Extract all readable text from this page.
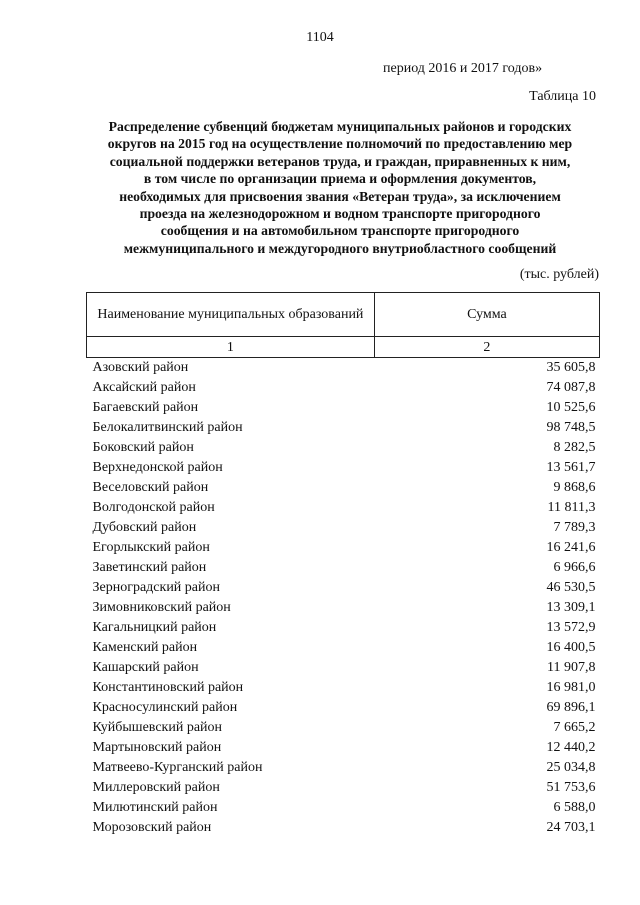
1104
период 2016 и 2017 годов»
Таблица 10
Распределение субвенций бюджетам муниципальных районов и городских
округов на 2015 год на осуществление полномочий по предоставлению мер
социальной поддержки ветеранов труда, и граждан, приравненных к ним,
в том числе по организации приема и оформления документов,
необходимых для присвоения звания «Ветеран труда», за исключением
проезда на железнодорожном и водном транспорте пригородного
сообщения и на автомобильном транспорте пригородного
межмуниципального и междугородного внутриобластного сообщений
(тыс. рублей)
Наименование муниципальных образований	Сумма
1	2
Азовский район	35 605,8
Аксайский район	74 087,8
Багаевский район	10 525,6
Белокалитвинский район	98 748,5
Боковский район	8 282,5
Верхнедонской район	13 561,7
Веселовский район	9 868,6
Волгодонской район	11 811,3
Дубовский район	7 789,3
Егорлыкский район	16 241,6
Заветинский район	6 966,6
Зерноградский район	46 530,5
Зимовниковский район	13 309,1
Кагальницкий район	13 572,9
Каменский район	16 400,5
Кашарский район	11 907,8
Константиновский район	16 981,0
Красносулинский район	69 896,1
Куйбышевский район	7 665,2
Мартыновский район	12 440,2
Матвеево-Курганский район	25 034,8
Миллеровский район	51 753,6
Милютинский район	6 588,0
Морозовский район	24 703,1
